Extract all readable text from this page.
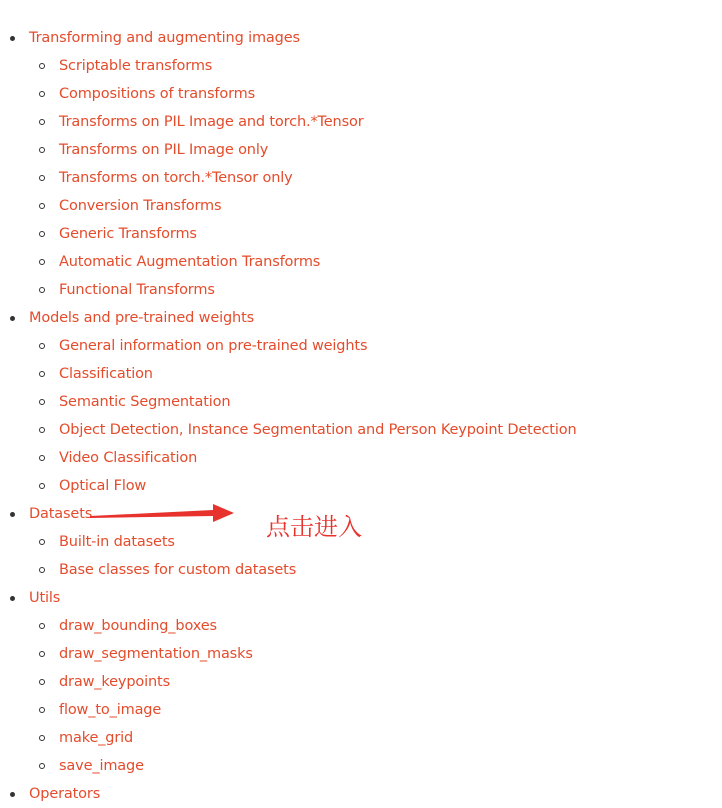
Transforming and augmenting images
Scriptable transforms
Compositions of transforms
Transforms on PIL Image and torch.*Tensor
Transforms on PIL Image only
Transforms on torch.*Tensor only
Conversion Transforms
Generic Transforms
Automatic Augmentation Transforms
Functional Transforms
Models and pre-trained weights
General information on pre-trained weights
Classification
Semantic Segmentation
Object Detection, Instance Segmentation and Person Keypoint Detection
Video Classification
Optical Flow
Datasets
Built-in datasets
Base classes for custom datasets
Utils
draw_bounding_boxes
draw_segmentation_masks
draw_keypoints
flow_to_image
make_grid
save_image
Operators
点击进入
